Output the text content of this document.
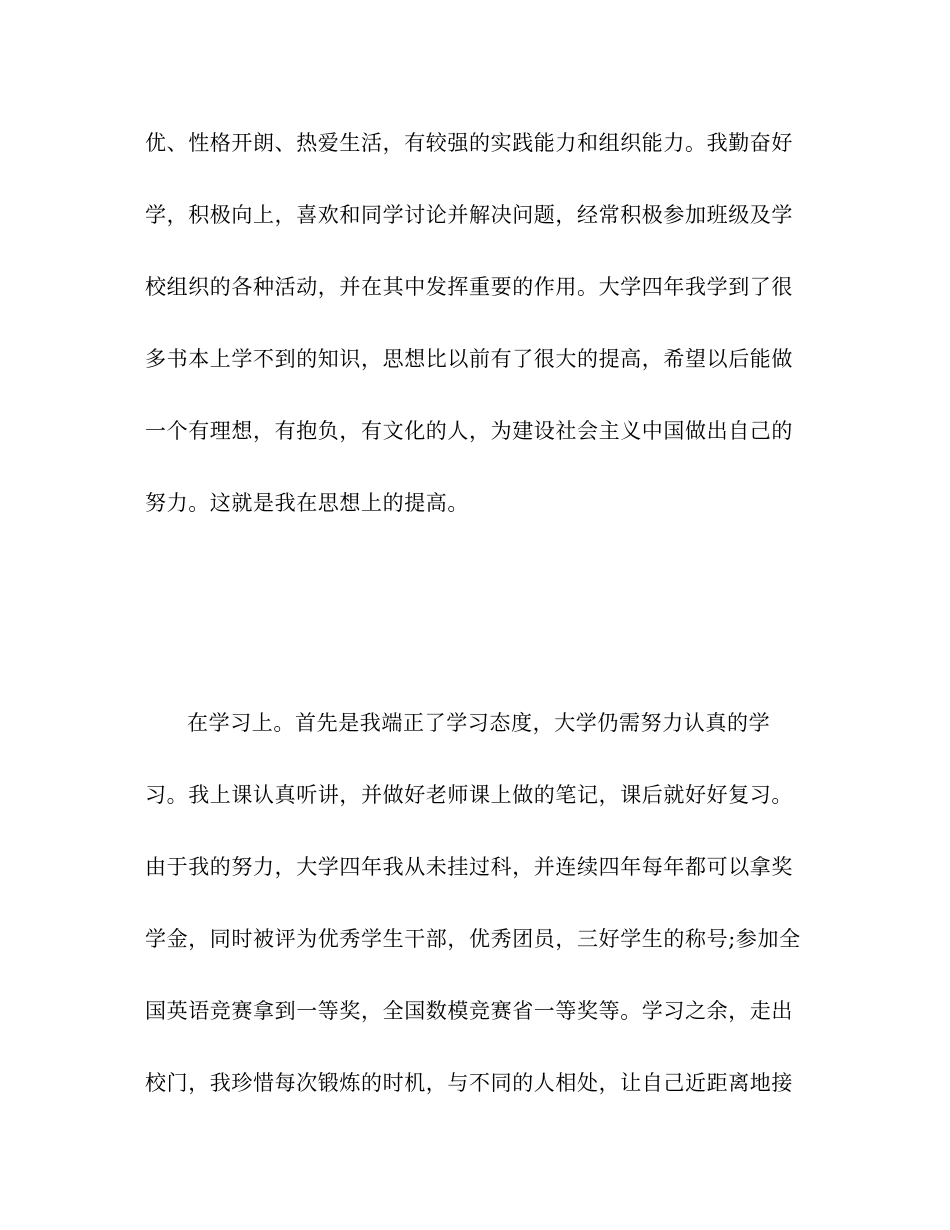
优、性格开朗、热爱生活，有较强的实践能力和组织能力。我勤奋好
学，积极向上，喜欢和同学讨论并解决问题，经常积极参加班级及学
校组织的各种活动，并在其中发挥重要的作用。大学四年我学到了很
多书本上学不到的知识，思想比以前有了很大的提高，希望以后能做
一个有理想，有抱负，有文化的人，为建设社会主义中国做出自己的
努力。这就是我在思想上的提高。
在学习上。首先是我端正了学习态度，大学仍需努力认真的学
习。我上课认真听讲，并做好老师课上做的笔记，课后就好好复习。
由于我的努力，大学四年我从未挂过科，并连续四年每年都可以拿奖
学金，同时被评为优秀学生干部，优秀团员，三好学生的称号;参加全
国英语竞赛拿到一等奖，全国数模竞赛省一等奖等。学习之余，走出
校门，我珍惜每次锻炼的时机，与不同的人相处，让自己近距离地接
